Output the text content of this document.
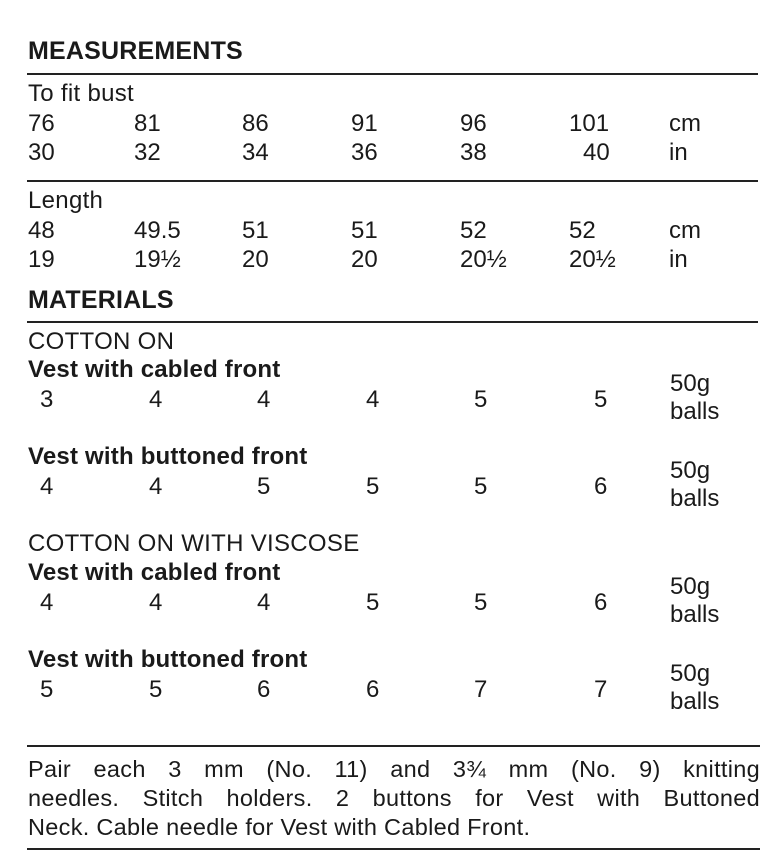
MEASUREMENTS
To fit bust
76	81	86	91	96	101 cm
30	32	34	36	38	40 in
Length
48	49.5	51	51	52	52	cm
19	19½	20	20	20½	20½ in
MATERIALS
COTTON ON
Vest with cabled front
3	4	4	4	5	5
50g
balls
Vest with buttoned front
4	4	5	5	5	6
50g
balls
COTTON ON WITH VISCOSE
Vest with cabled front
4	4	4	5	5	6
50g
balls
Vest with buttoned front
5	5	6	6	7	7
50g
balls
Pair each 3 mm (No. 11) and 3¾ mm (No. 9) knitting
needles. Stitch holders. 2 buttons for Vest with Buttoned
Neck. Cable needle for Vest with Cabled Front.
